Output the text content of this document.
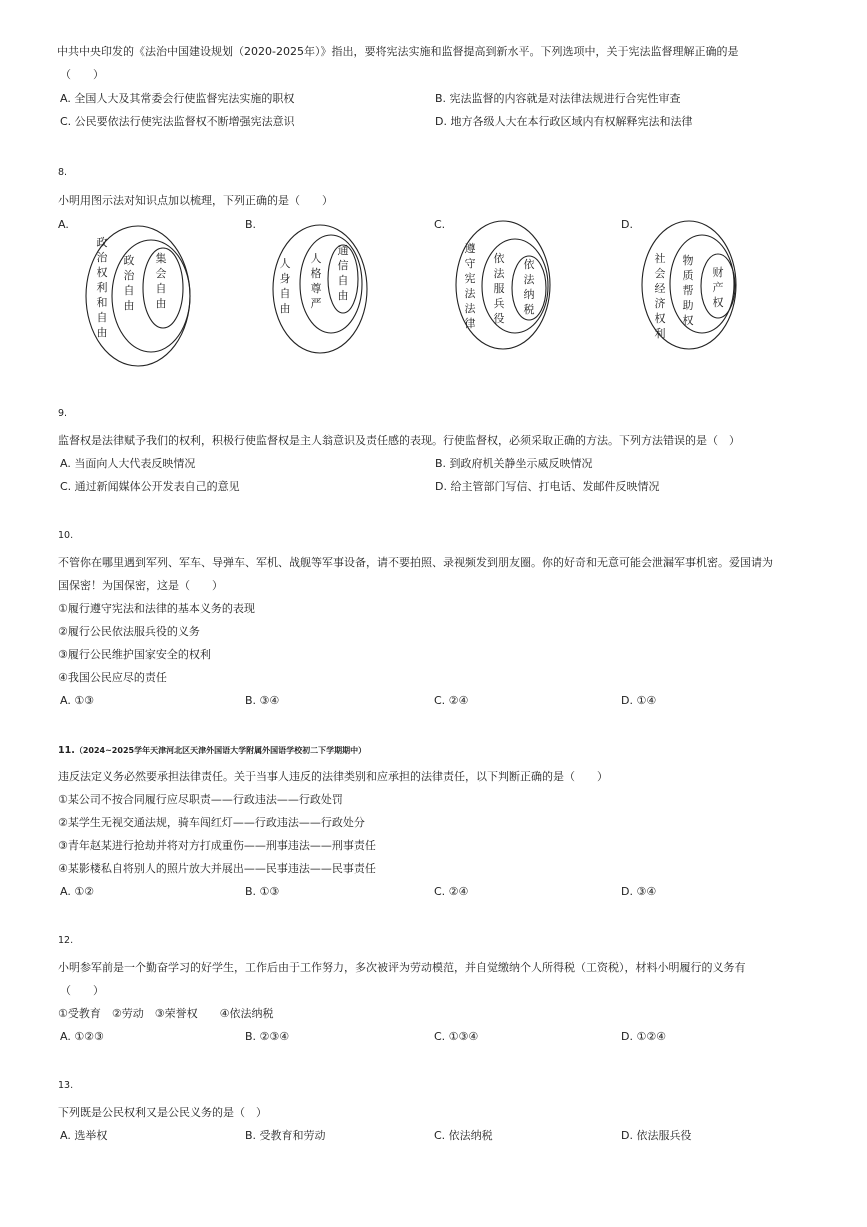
中共中央印发的《法治中国建设规划（2020-2025年）》指出，要将宪法实施和监督提高到新水平。下列选项中，关于宪法监督理解正确的是
（　　）
A. 全国人大及其常委会行使监督宪法实施的职权	B. 宪法监督的内容就是对法律法规进行合宪性审查
C. 公民要依法行使宪法监督权不断增强宪法意识	D. 地方各级人大在本行政区域内有权解释宪法和法律
8.
小明用图示法对知识点加以梳理，下列正确的是（　　）
A.	B.	C.	D.
政治权利和自由
政治自由
集会自由
人身自由
人格尊严
通信自由
遵守宪法法律
依法服兵役
依法纳税
社会经济权利
物质帮助权
财产权
9.
监督权是法律赋予我们的权利，积极行使监督权是主人翁意识及责任感的表现。行使监督权，必须采取正确的方法。下列方法错误的是（　）
A. 当面向人大代表反映情况	B. 到政府机关静坐示威反映情况
C. 通过新闻媒体公开发表自己的意见	D. 给主管部门写信、打电话、发邮件反映情况
10.
不管你在哪里遇到军列、军车、导弹车、军机、战舰等军事设备，请不要拍照、录视频发到朋友圈。你的好奇和无意可能会泄漏军事机密。爱国请为
国保密！为国保密，这是（　　）
①履行遵守宪法和法律的基本义务的表现
②履行公民依法服兵役的义务
③履行公民维护国家安全的权利
④我国公民应尽的责任
A. ①③	B. ③④	C. ②④	D. ①④
11.（2024~2025学年天津河北区天津外国语大学附属外国语学校初二下学期期中）
违反法定义务必然要承担法律责任。关于当事人违反的法律类别和应承担的法律责任，以下判断正确的是（　　）
①某公司不按合同履行应尽职责——行政违法——行政处罚
②某学生无视交通法规，骑车闯红灯——行政违法——行政处分
③青年赵某进行抢劫并将对方打成重伤——刑事违法——刑事责任
④某影楼私自将别人的照片放大并展出——民事违法——民事责任
A. ①②	B. ①③	C. ②④	D. ③④
12.
小明参军前是一个勤奋学习的好学生，工作后由于工作努力，多次被评为劳动模范，并自觉缴纳个人所得税（工资税），材料小明履行的义务有
（　　）
①受教育　②劳动　③荣誉权　　④依法纳税
A. ①②③	B. ②③④	C. ①③④	D. ①②④
13.
下列既是公民权利又是公民义务的是（　）
A. 选举权	B. 受教育和劳动	C. 依法纳税	D. 依法服兵役
